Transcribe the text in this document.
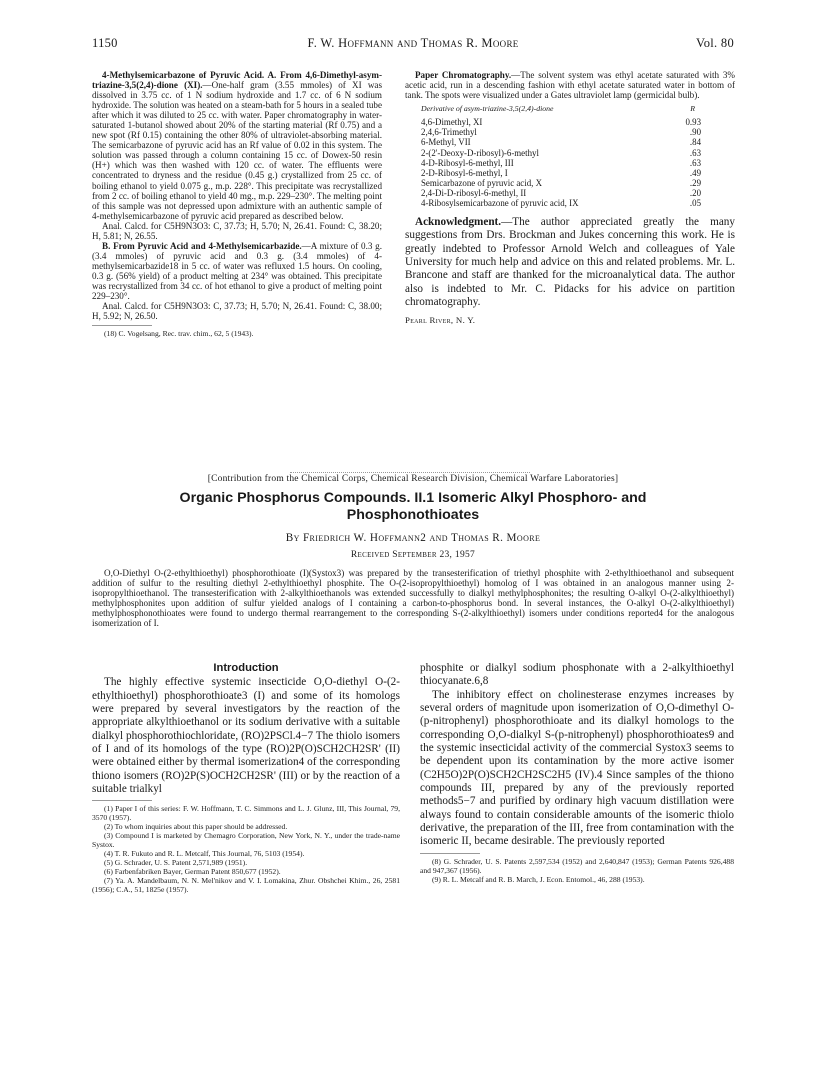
1150	F. W. Hoffmann and Thomas R. Moore	Vol. 80

4-Methylsemicarbazone of Pyruvic Acid. A. From 4,6-Dimethyl-asym-triazine-3,5(2,4)-dione (XI).—One-half gram (3.55 mmoles) of XI was dissolved in 3.75 cc. of 1 N sodium hydroxide and 1.7 cc. of 6 N sodium hydroxide. The solution was heated on a steam-bath for 5 hours in a sealed tube after which it was diluted to 25 cc. with water. Paper chromatography in water-saturated 1-butanol showed about 20% of the starting material (Rf 0.75) and a new spot (Rf 0.15) containing the other 80% of ultraviolet-absorbing material. The semicarbazone of pyruvic acid has an Rf value of 0.02 in this system. The solution was passed through a column containing 15 cc. of Dowex-50 resin (H+) which was then washed with 120 cc. of water. The effluents were concentrated to dryness and the residue (0.45 g.) crystallized from 25 cc. of boiling ethanol to yield 0.075 g., m.p. 228°. This precipitate was recrystallized from 2 cc. of boiling ethanol to yield 40 mg., m.p. 229–230°. The melting point of this sample was not depressed upon admixture with an authentic sample of 4-methylsemicarbazone of pyruvic acid prepared as described below.

Anal. Calcd. for C5H9N3O3: C, 37.73; H, 5.70; N, 26.41. Found: C, 38.20; H, 5.81; N, 26.55.

B. From Pyruvic Acid and 4-Methylsemicarbazide.—A mixture of 0.3 g. (3.4 mmoles) of pyruvic acid and 0.3 g. (3.4 mmoles) of 4-methylsemicarbazide18 in 5 cc. of water was refluxed 1.5 hours. On cooling, 0.3 g. (56% yield) of a product melting at 234° was obtained. This precipitate was recrystallized from 34 cc. of hot ethanol to give a product of melting point 229–230°.

Anal. Calcd. for C5H9N3O3: C, 37.73; H, 5.70; N, 26.41. Found: C, 38.00; H, 5.92; N, 26.50.

(18) C. Vogelsang, Rec. trav. chim., 62, 5 (1943).

Paper Chromatography.—The solvent system was ethyl acetate saturated with 3% acetic acid, run in a descending fashion with ethyl acetate saturated water in bottom of tank. The spots were visualized under a Gates ultraviolet lamp (germicidal bulb).

Derivative of asym-triazine-3,5(2,4)-dione	R
4,6-Dimethyl, XI	0.93
2,4,6-Trimethyl	.90
6-Methyl, VII	.84
2-(2'-Deoxy-D-ribosyl)-6-methyl	.63
4-D-Ribosyl-6-methyl, III	.63
2-D-Ribosyl-6-methyl, I	.49
Semicarbazone of pyruvic acid, X	.29
2,4-Di-D-ribosyl-6-methyl, II	.20
4-Ribosylsemicarbazone of pyruvic acid, IX	.05

Acknowledgment.—The author appreciated greatly the many suggestions from Drs. Brockman and Jukes concerning this work. He is greatly indebted to Professor Arnold Welch and colleagues of Yale University for much help and advice on this and related problems. Mr. L. Brancone and staff are thanked for the microanalytical data. The author also is indebted to Mr. C. Pidacks for his advice on partition chromatography.

Pearl River, N. Y.
[Contribution from the Chemical Corps, Chemical Research Division, Chemical Warfare Laboratories]
Organic Phosphorus Compounds. II.1 Isomeric Alkyl Phosphoro- and
Phosphonothioates
By Friedrich W. Hoffmann2 and Thomas R. Moore
Received September 23, 1957

O,O-Diethyl O-(2-ethylthioethyl) phosphorothioate (I)(Systox3) was prepared by the transesterification of triethyl phosphite with 2-ethylthioethanol and subsequent addition of sulfur to the resulting diethyl 2-ethylthioethyl phosphite. The O-(2-isopropylthioethyl) homolog of I was obtained in an analogous manner using 2-isopropylthioethanol. The transesterification with 2-alkylthioethanols was extended successfully to dialkyl methylphosphonites; the resulting O-alkyl O-(2-alkylthioethyl) methylphosphonites upon addition of sulfur yielded analogs of I containing a carbon-to-phosphorus bond. In several instances, the O-alkyl O-(2-alkylthioethyl) methylphosphonothioates were found to undergo thermal rearrangement to the corresponding S-(2-alkylthioethyl) isomers under conditions reported4 for the analogous isomerization of I.

Introduction

The highly effective systemic insecticide O,O-diethyl O-(2-ethylthioethyl) phosphorothioate3 (I) and some of its homologs were prepared by several investigators by the reaction of the appropriate alkylthioethanol or its sodium derivative with a suitable dialkyl phosphorothiochloridate, (RO)2PSCl.4−7 The thiolo isomers of I and of its homologs of the type (RO)2P(O)SCH2CH2SR' (II) were obtained either by thermal isomerization4 of the corresponding thiono isomers (RO)2P(S)OCH2CH2SR' (III) or by the reaction of a suitable trialkyl

(1) Paper I of this series: F. W. Hoffmann, T. C. Simmons and L. J. Glunz, III, This Journal, 79, 3570 (1957).

(2) To whom inquiries about this paper should be addressed.

(3) Compound I is marketed by Chemagro Corporation, New York, N. Y., under the trade-name Systox.

(4) T. R. Fukuto and R. L. Metcalf, This Journal, 76, 5103 (1954).

(5) G. Schrader, U. S. Patent 2,571,989 (1951).

(6) Farbenfabriken Bayer, German Patent 850,677 (1952).

(7) Ya. A. Mandelbaum, N. N. Mel'nikov and V. I. Lomakina, Zhur. Obshchei Khim., 26, 2581 (1956); C.A., 51, 1825e (1957).

phosphite or dialkyl sodium phosphonate with a 2-alkylthioethyl thiocyanate.6,8

The inhibitory effect on cholinesterase enzymes increases by several orders of magnitude upon isomerization of O,O-dimethyl O-(p-nitrophenyl) phosphorothioate and its dialkyl homologs to the corresponding O,O-dialkyl S-(p-nitrophenyl) phosphorothioates9 and the systemic insecticidal activity of the commercial Systox3 seems to be dependent upon its contamination by the more active isomer (C2H5O)2P(O)SCH2CH2SC2H5 (IV).4 Since samples of the thiono compounds III, prepared by any of the previously reported methods5−7 and purified by ordinary high vacuum distillation were always found to contain considerable amounts of the isomeric thiolo derivative, the preparation of the III, free from contamination with the isomeric II, became desirable. The previously reported

(8) G. Schrader, U. S. Patents 2,597,534 (1952) and 2,640,847 (1953); German Patents 926,488 and 947,367 (1956).

(9) R. L. Metcalf and R. B. March, J. Econ. Entomol., 46, 288 (1953).
